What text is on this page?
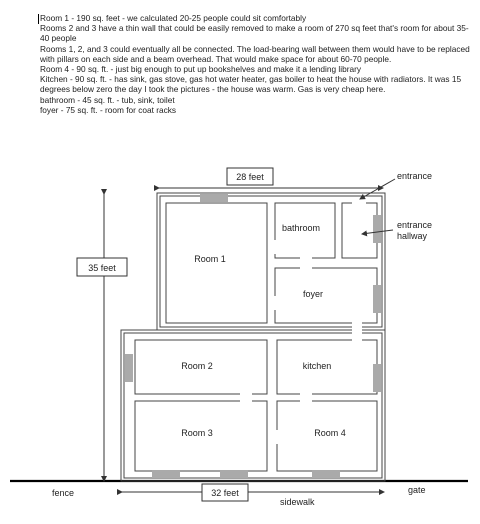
Room 1 - 190 sq. feet - we calculated 20-25 people could sit comfortably
Rooms 2 and 3 have a thin wall that could be easily removed to make a room of 270 sq feet that's room for about 35-40 people
Rooms 1, 2, and 3 could eventually all be connected. The load-bearing wall between them would have to be replaced with pillars on each side and a beam overhead. That would make space for about 60-70 people.
Room 4 - 90 sq. ft. - just big enough to put up bookshelves and make it a lending library
Kitchen - 90 sq. ft. - has sink, gas stove, gas hot water heater, gas boiler to heat the house with radiators. It was 15 degrees below zero the day I took the pictures - the house was warm. Gas is very cheap here.
bathroom - 45 sq. ft. - tub, sink, toilet
foyer - 75 sq. ft. - room for coat racks
28 feet
35 feet
32 feet
Room 1
bathroom
foyer
Room 2	kitchen
Room 3	Room 4
entrance
entrance
hallway
fence	gate
sidewalk
